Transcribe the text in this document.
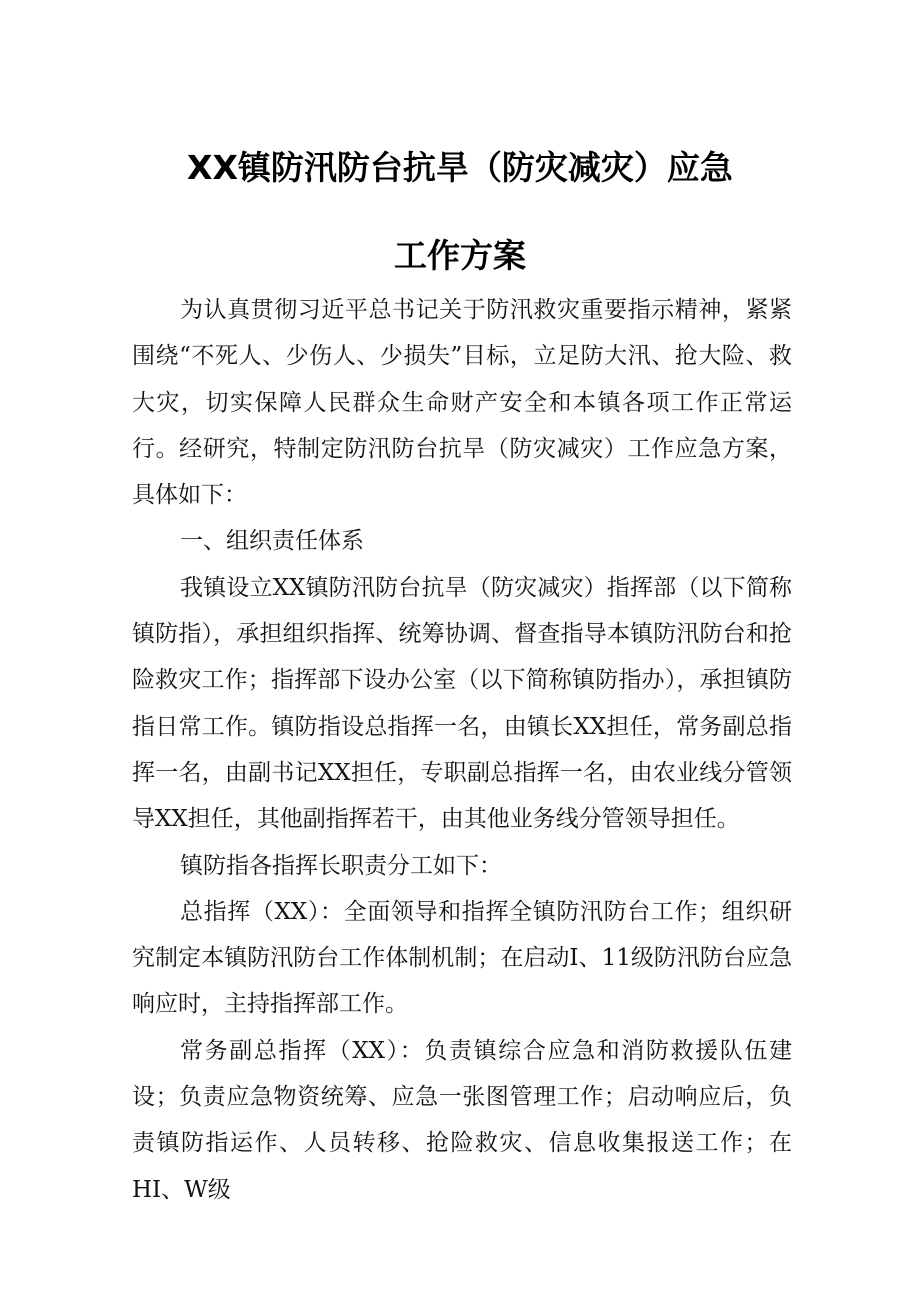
XX镇防汛防台抗旱（防灾减灾）应急
工作方案

为认真贯彻习近平总书记关于防汛救灾重要指示精神，紧紧围绕“不死人、少伤人、少损失”目标，立足防大汛、抢大险、救大灾，切实保障人民群众生命财产安全和本镇各项工作正常运行。经研究，特制定防汛防台抗旱（防灾减灾）工作应急方案，具体如下：

一、组织责任体系

我镇设立XX镇防汛防台抗旱（防灾减灾）指挥部（以下简称镇防指），承担组织指挥、统筹协调、督查指导本镇防汛防台和抢险救灾工作；指挥部下设办公室（以下简称镇防指办），承担镇防指日常工作。镇防指设总指挥一名，由镇长XX担任，常务副总指挥一名，由副书记XX担任，专职副总指挥一名，由农业线分管领导XX担任，其他副指挥若干，由其他业务线分管领导担任。

镇防指各指挥长职责分工如下：

总指挥（XX）：全面领导和指挥全镇防汛防台工作；组织研究制定本镇防汛防台工作体制机制；在启动I、11级防汛防台应急响应时，主持指挥部工作。

常务副总指挥（XX）：负责镇综合应急和消防救援队伍建设；负责应急物资统筹、应急一张图管理工作；启动响应后，负责镇防指运作、人员转移、抢险救灾、信息收集报送工作；在HI、W级
